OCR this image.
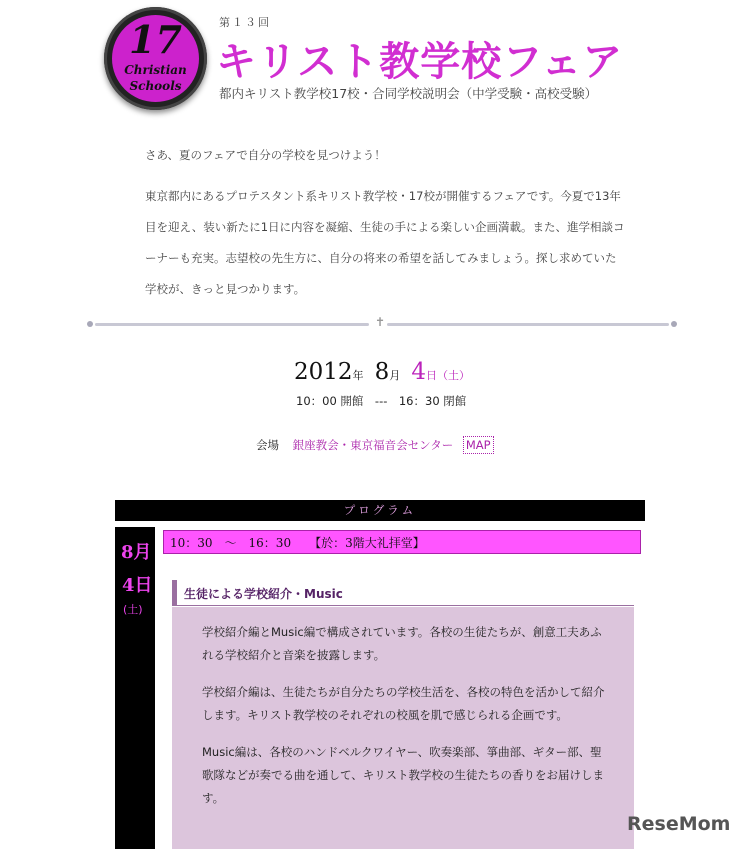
17
Christian
Schools
第１３回
キリスト教学校フェア
都内キリスト教学校17校・合同学校説明会（中学受験・高校受験）

さあ、夏のフェアで自分の学校を見つけよう！

東京都内にあるプロテスタント系キリスト教学校・17校が開催するフェアです。今夏で13年目を迎え、装い新たに1日に内容を凝縮、生徒の手による楽しい企画満載。また、進学相談コーナーも充実。志望校の先生方に、自分の将来の希望を話してみましょう。探し求めていた学校が、きっと見つかります。

✝
2012年 8月 4日（土）
10：00 開館　---　16：30 閉館
会場 銀座教会・東京福音会センター MAP
プログラム
8月
4日
(土)
10：30　～　16：30　　【於：3階大礼拝堂】
生徒による学校紹介・Music

学校紹介編とMusic編で構成されています。各校の生徒たちが、創意工夫あふれる学校紹介と音楽を披露します。

学校紹介編は、生徒たちが自分たちの学校生活を、各校の特色を活かして紹介します。キリスト教学校のそれぞれの校風を肌で感じられる企画です。

Music編は、各校のハンドベルクワイヤー、吹奏楽部、箏曲部、ギター部、聖歌隊などが奏でる曲を通して、キリスト教学校の生徒たちの香りをお届けします。

ReseMom
